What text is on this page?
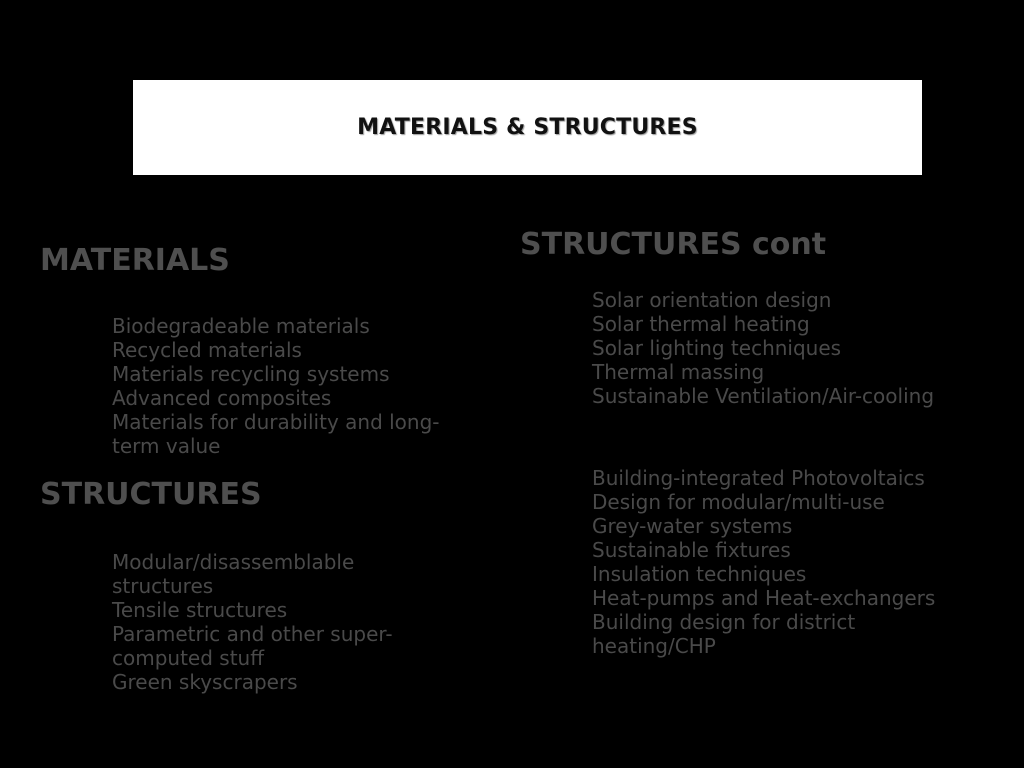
MATERIALS & STRUCTURES
MATERIALS
Biodegradeable materials
Recycled materials
Materials recycling systems
Advanced composites
Materials for durability and long-term value
STRUCTURES
Modular/disassemblable structures
Tensile structures
Parametric and other super-computed stuff
Green skyscrapers
STRUCTURES cont
Solar orientation design
Solar thermal heating
Solar lighting techniques
Thermal massing
Sustainable Ventilation/Air-cooling
Building-integrated Photovoltaics
Design for modular/multi-use
Grey-water systems
Sustainable fixtures
Insulation techniques
Heat-pumps and Heat-exchangers
Building design for district heating/CHP
